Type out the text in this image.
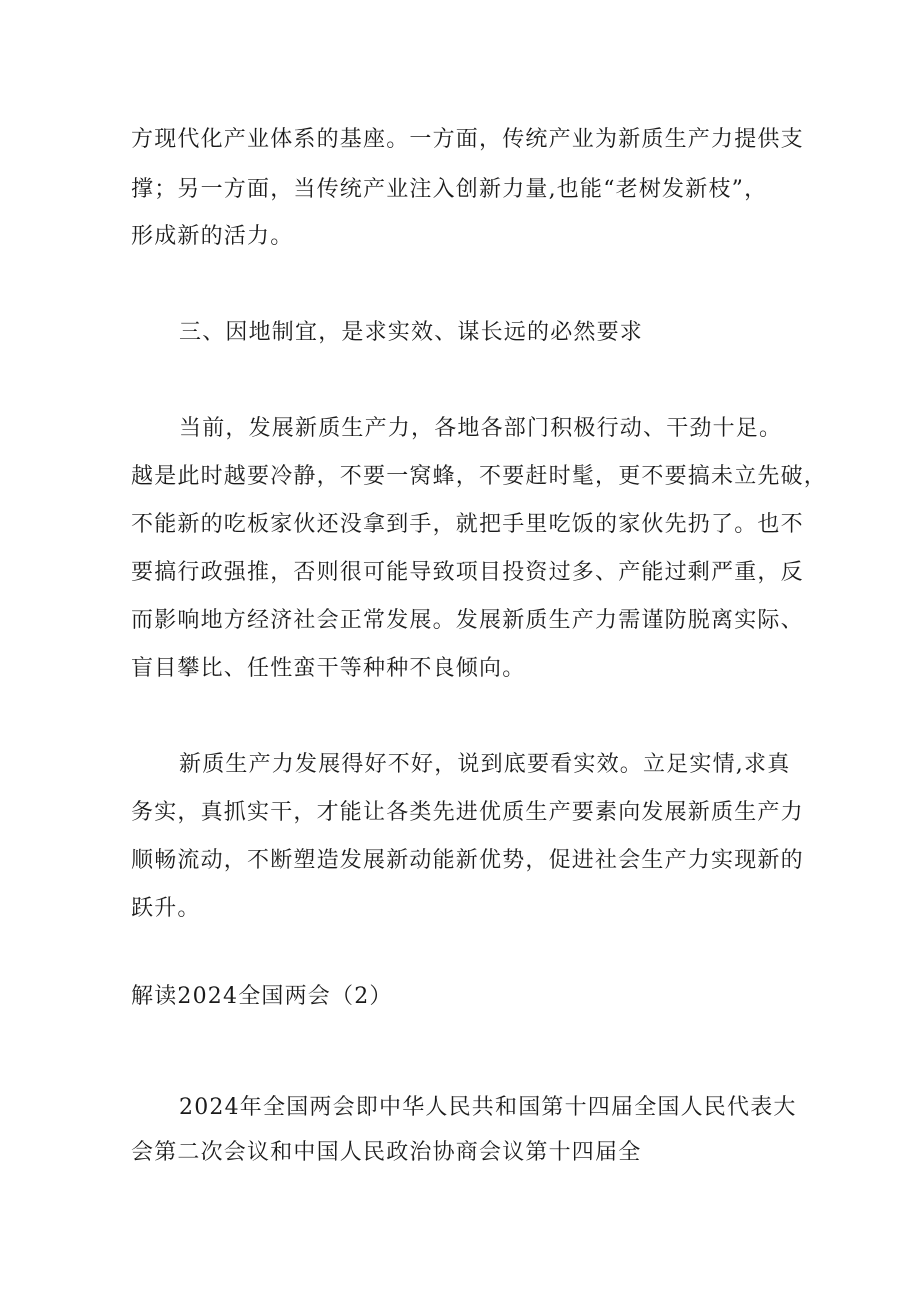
方现代化产业体系的基座。一方面，传统产业为新质生产力提供支
撑；另一方面，当传统产业注入创新力量,也能“老树发新枝”，
形成新的活力。
三、因地制宜，是求实效、谋长远的必然要求
当前，发展新质生产力，各地各部门积极行动、干劲十足。
越是此时越要冷静，不要一窝蜂，不要赶时髦，更不要搞未立先破，
不能新的吃板家伙还没拿到手，就把手里吃饭的家伙先扔了。也不
要搞行政强推，否则很可能导致项目投资过多、产能过剩严重，反
而影响地方经济社会正常发展。发展新质生产力需谨防脱离实际、
盲目攀比、任性蛮干等种种不良倾向。
新质生产力发展得好不好，说到底要看实效。立足实情,求真
务实，真抓实干，才能让各类先进优质生产要素向发展新质生产力
顺畅流动，不断塑造发展新动能新优势，促进社会生产力实现新的
跃升。
解读2024全国两会（2）
2024年全国两会即中华人民共和国第十四届全国人民代表大
会第二次会议和中国人民政治协商会议第十四届全
